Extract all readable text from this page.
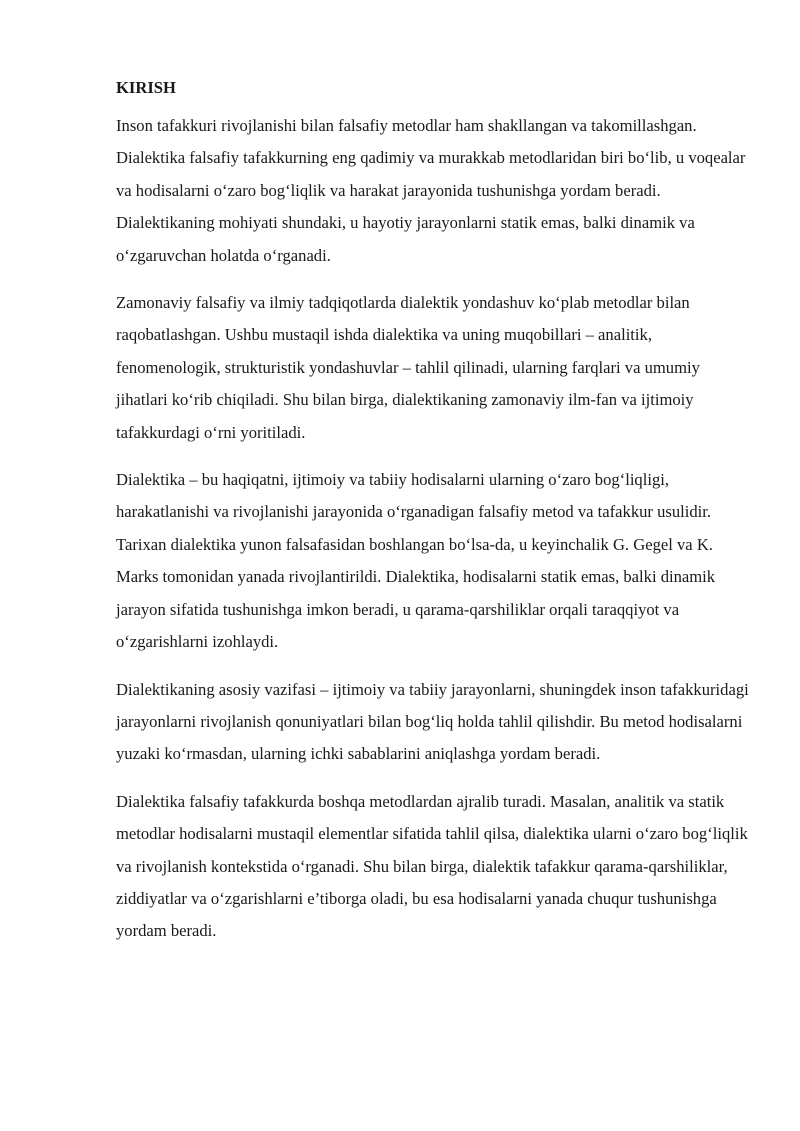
KIRISH

Inson tafakkuri rivojlanishi bilan falsafiy metodlar ham shakllangan va takomillashgan. Dialektika falsafiy tafakkurning eng qadimiy va murakkab metodlaridan biri bo‘lib, u voqealar va hodisalarni o‘zaro bog‘liqlik va harakat jarayonida tushunishga yordam beradi. Dialektikaning mohiyati shundaki, u hayotiy jarayonlarni statik emas, balki dinamik va o‘zgaruvchan holatda o‘rganadi.

Zamonaviy falsafiy va ilmiy tadqiqotlarda dialektik yondashuv ko‘plab metodlar bilan raqobatlashgan. Ushbu mustaqil ishda dialektika va uning muqobillari – analitik, fenomenologik, strukturistik yondashuvlar – tahlil qilinadi, ularning farqlari va umumiy jihatlari ko‘rib chiqiladi. Shu bilan birga, dialektikaning zamonaviy ilm-fan va ijtimoiy tafakkurdagi o‘rni yoritiladi.

Dialektika – bu haqiqatni, ijtimoiy va tabiiy hodisalarni ularning o‘zaro bog‘liqligi, harakatlanishi va rivojlanishi jarayonida o‘rganadigan falsafiy metod va tafakkur usulidir. Tarixan dialektika yunon falsafasidan boshlangan bo‘lsa-da, u keyinchalik G. Gegel va K. Marks tomonidan yanada rivojlantirildi. Dialektika, hodisalarni statik emas, balki dinamik jarayon sifatida tushunishga imkon beradi, u qarama-qarshiliklar orqali taraqqiyot va o‘zgarishlarni izohlaydi.

Dialektikaning asosiy vazifasi – ijtimoiy va tabiiy jarayonlarni, shuningdek inson tafakkuridagi jarayonlarni rivojlanish qonuniyatlari bilan bog‘liq holda tahlil qilishdir. Bu metod hodisalarni yuzaki ko‘rmasdan, ularning ichki sabablarini aniqlashga yordam beradi.

Dialektika falsafiy tafakkurda boshqa metodlardan ajralib turadi. Masalan, analitik va statik metodlar hodisalarni mustaqil elementlar sifatida tahlil qilsa, dialektika ularni o‘zaro bog‘liqlik va rivojlanish kontekstida o‘rganadi. Shu bilan birga, dialektik tafakkur qarama-qarshiliklar, ziddiyatlar va o‘zgarishlarni e’tiborga oladi, bu esa hodisalarni yanada chuqur tushunishga yordam beradi.
